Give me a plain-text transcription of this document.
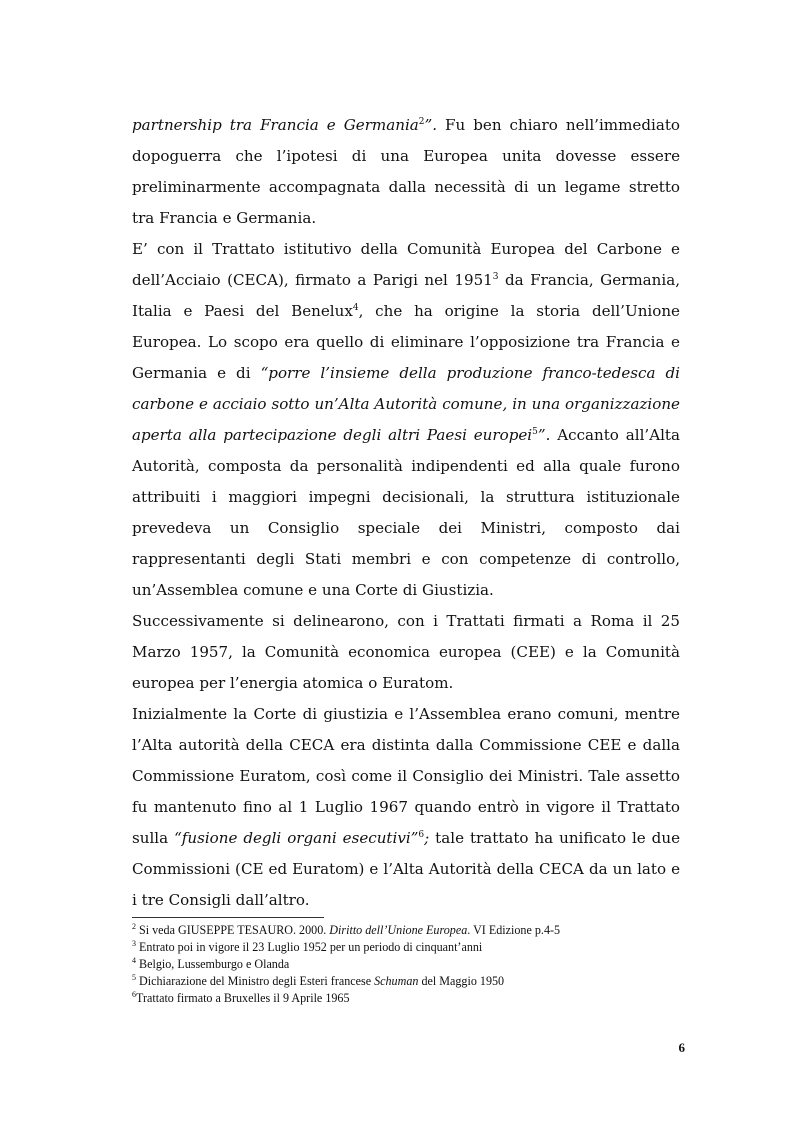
partnership tra Francia e Germania$^2$”. Fu ben chiaro nell’immediato dopoguerra che l’ipotesi di una Europea unita dovesse essere preliminarmente accompagnata dalla necessità di un legame stretto tra Francia e Germania.

E’ con il Trattato istitutivo della Comunità Europea del Carbone e dell’Acciaio (CECA), firmato a Parigi nel 1951$^3$ da Francia, Germania, Italia e Paesi del Benelux$^4$, che ha origine la storia dell’Unione Europea. Lo scopo era quello di eliminare l’opposizione tra Francia e Germania e di “porre l’insieme della produzione franco-tedesca di carbone e acciaio sotto un’Alta Autorità comune, in una organizzazione aperta alla partecipazione degli altri Paesi europei$^5$”. Accanto all’Alta Autorità, composta da personalità indipendenti ed alla quale furono attribuiti i maggiori impegni decisionali, la struttura istituzionale prevedeva un Consiglio speciale dei Ministri, composto dai rappresentanti degli Stati membri e con competenze di controllo, un’Assemblea comune e una Corte di Giustizia.

Successivamente si delinearono, con i Trattati firmati a Roma il 25 Marzo 1957, la Comunità economica europea (CEE) e la Comunità europea per l’energia atomica o Euratom.

Inizialmente la Corte di giustizia e l’Assemblea erano comuni, mentre l’Alta autorità della CECA era distinta dalla Commissione CEE e dalla Commissione Euratom, così come il Consiglio dei Ministri. Tale assetto fu mantenuto fino al 1 Luglio 1967 quando entrò in vigore il Trattato sulla “fusione degli organi esecutivi”$^6$; tale trattato ha unificato le due Commissioni (CE ed Euratom) e l’Alta Autorità della CECA da un lato e i tre Consigli dall’altro.

$^2$ Si veda GIUSEPPE TESAURO. 2000. Diritto dell’Unione Europea. VI Edizione p.4-5

$^3$ Entrato poi in vigore il 23 Luglio 1952 per un periodo di cinquant’anni

$^4$ Belgio, Lussemburgo e Olanda

$^5$ Dichiarazione del Ministro degli Esteri francese Schuman del Maggio 1950

$^6$Trattato firmato a Bruxelles il 9 Aprile 1965

6
